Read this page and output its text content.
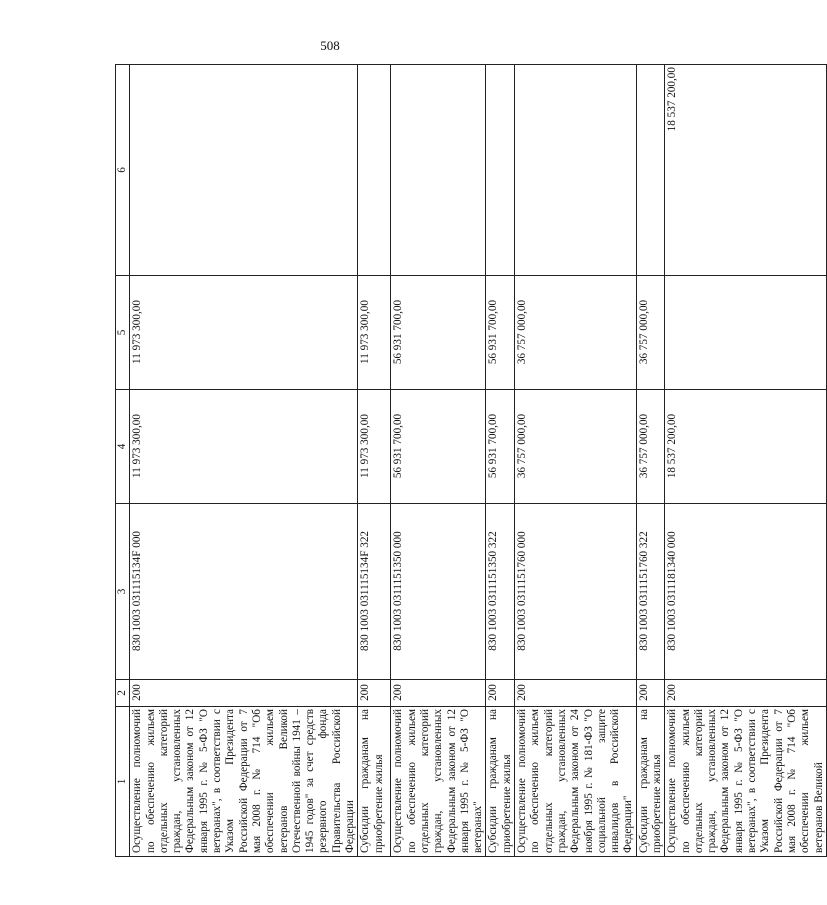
508
1	2	3	4	5	6
Осуществление полномочий по обеспечению жильем отдельных категорий граждан, установленных Федеральным законом от 12 января 1995 г. № 5-ФЗ "О ветеранах", в соответствии с Указом Президента Российской Федерации от 7 мая 2008 г. № 714 "Об обеспечении жильем ветеранов Великой Отечественной войны 1941 – 1945 годов" за счет средств резервного фонда Правительства Российской Федерации	200	830 1003 031115134F 000	11 973 300,00	11 973 300,00	
Субсидии гражданам на приобретение жилья	200	830 1003 031115134F 322	11 973 300,00	11 973 300,00	
Осуществление полномочий по обеспечению жильем отдельных категорий граждан, установленных Федеральным законом от 12 января 1995 г. № 5-ФЗ "О ветеранах"	200	830 1003 0311151350 000	56 931 700,00	56 931 700,00	
Субсидии гражданам на приобретение жилья	200	830 1003 0311151350 322	56 931 700,00	56 931 700,00	
Осуществление полномочий по обеспечению жильем отдельных категорий граждан, установленных Федеральным законом от 24 ноября 1995 г. № 181-ФЗ "О социальной защите инвалидов в Российской Федерации"	200	830 1003 0311151760 000	36 757 000,00	36 757 000,00	
Субсидии гражданам на приобретение жилья	200	830 1003 0311151760 322	36 757 000,00	36 757 000,00	
Осуществление полномочий по обеспечению жильем отдельных категорий граждан, установленных Федеральным законом от 12 января 1995 г. № 5-ФЗ "О ветеранах", в соответствии с Указом Президента Российской Федерации от 7 мая 2008 г. № 714 "Об обеспечении жильем ветеранов Великой	200	830 1003 0311181340 000	18 537 200,00		18 537 200,00
